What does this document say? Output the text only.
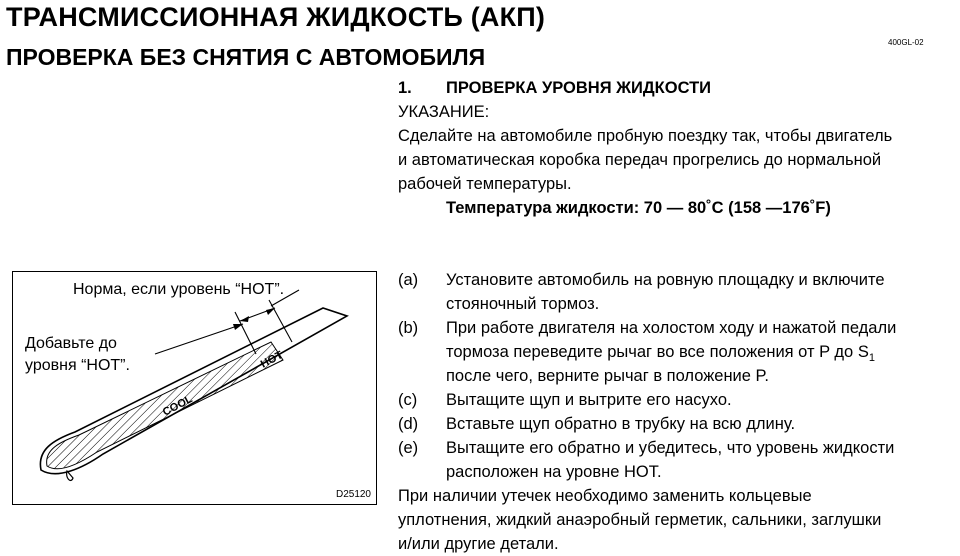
ТРАНСМИССИОННАЯ ЖИДКОСТЬ (АКП)
ПРОВЕРКА БЕЗ СНЯТИЯ С АВТОМОБИЛЯ
400GL-02
1. ПРОВЕРКА УРОВНЯ ЖИДКОСТИ
УКАЗАНИЕ:
Сделайте на автомобиле пробную поездку так, чтобы двигатель
и автоматическая коробка передач прогрелись до нормальной
рабочей температуры.
Температура жидкости: 70 — 80˚C (158 —176˚F)
(a) Установите автомобиль на ровную площадку и включите
стояночный тормоз.
(b) При работе двигателя на холостом ходу и нажатой педали
тормоза переведите рычаг во все положения от P до $S_1$
после чего, верните рычаг в положение P.
(c) Вытащите щуп и вытрите его насухо.
(d) Вставьте щуп обратно в трубку на всю длину.
(e) Вытащите его обратно и убедитесь, что уровень жидкости
расположен на уровне HOT.
При наличии утечек необходимо заменить кольцевые
уплотнения, жидкий анаэробный герметик, сальники, заглушки
и/или другие детали.
HOT
COOL
Норма, если уровень “HOT”.
Добавьте до
уровня “HOT”.
D25120
